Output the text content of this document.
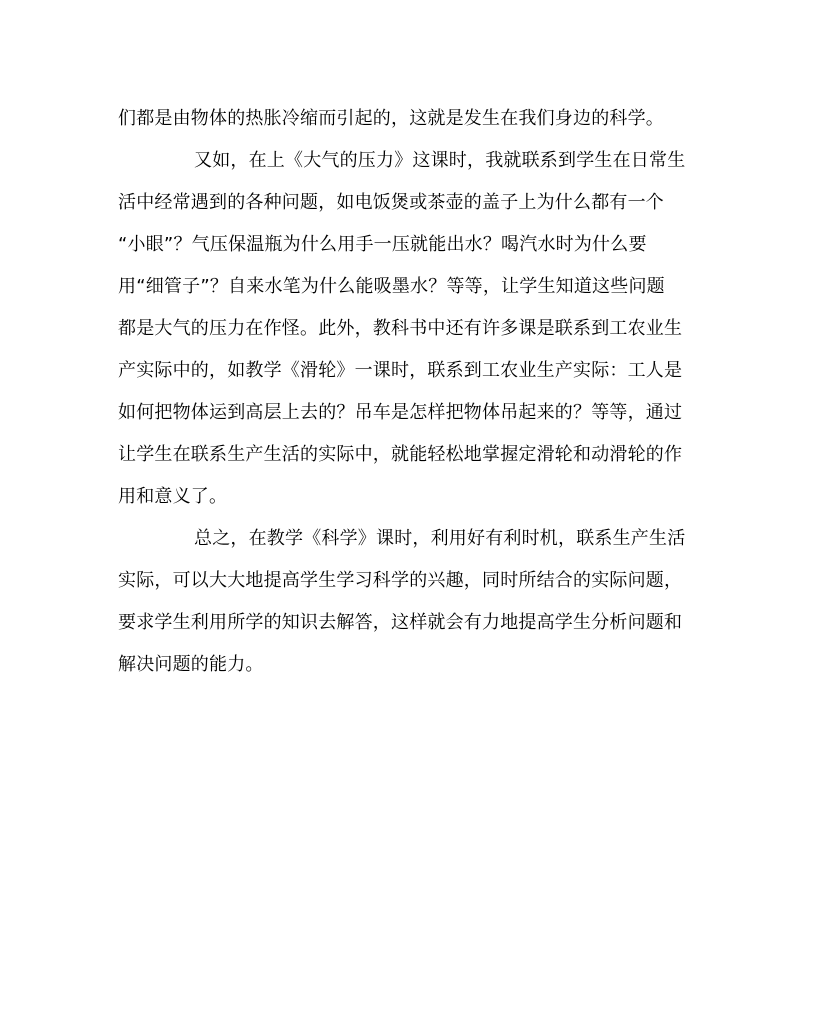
们都是由物体的热胀冷缩而引起的，这就是发生在我们身边的科学。
又如，在上《大气的压力》这课时，我就联系到学生在日常生
活中经常遇到的各种问题，如电饭煲或茶壶的盖子上为什么都有一个
“小眼”？气压保温瓶为什么用手一压就能出水？喝汽水时为什么要
用“细管子”？自来水笔为什么能吸墨水？等等，让学生知道这些问题
都是大气的压力在作怪。此外，教科书中还有许多课是联系到工农业生
产实际中的，如教学《滑轮》一课时，联系到工农业生产实际：工人是
如何把物体运到高层上去的？吊车是怎样把物体吊起来的？等等，通过
让学生在联系生产生活的实际中，就能轻松地掌握定滑轮和动滑轮的作
用和意义了。
总之，在教学《科学》课时，利用好有利时机，联系生产生活
实际，可以大大地提高学生学习科学的兴趣，同时所结合的实际问题，
要求学生利用所学的知识去解答，这样就会有力地提高学生分析问题和
解决问题的能力。
